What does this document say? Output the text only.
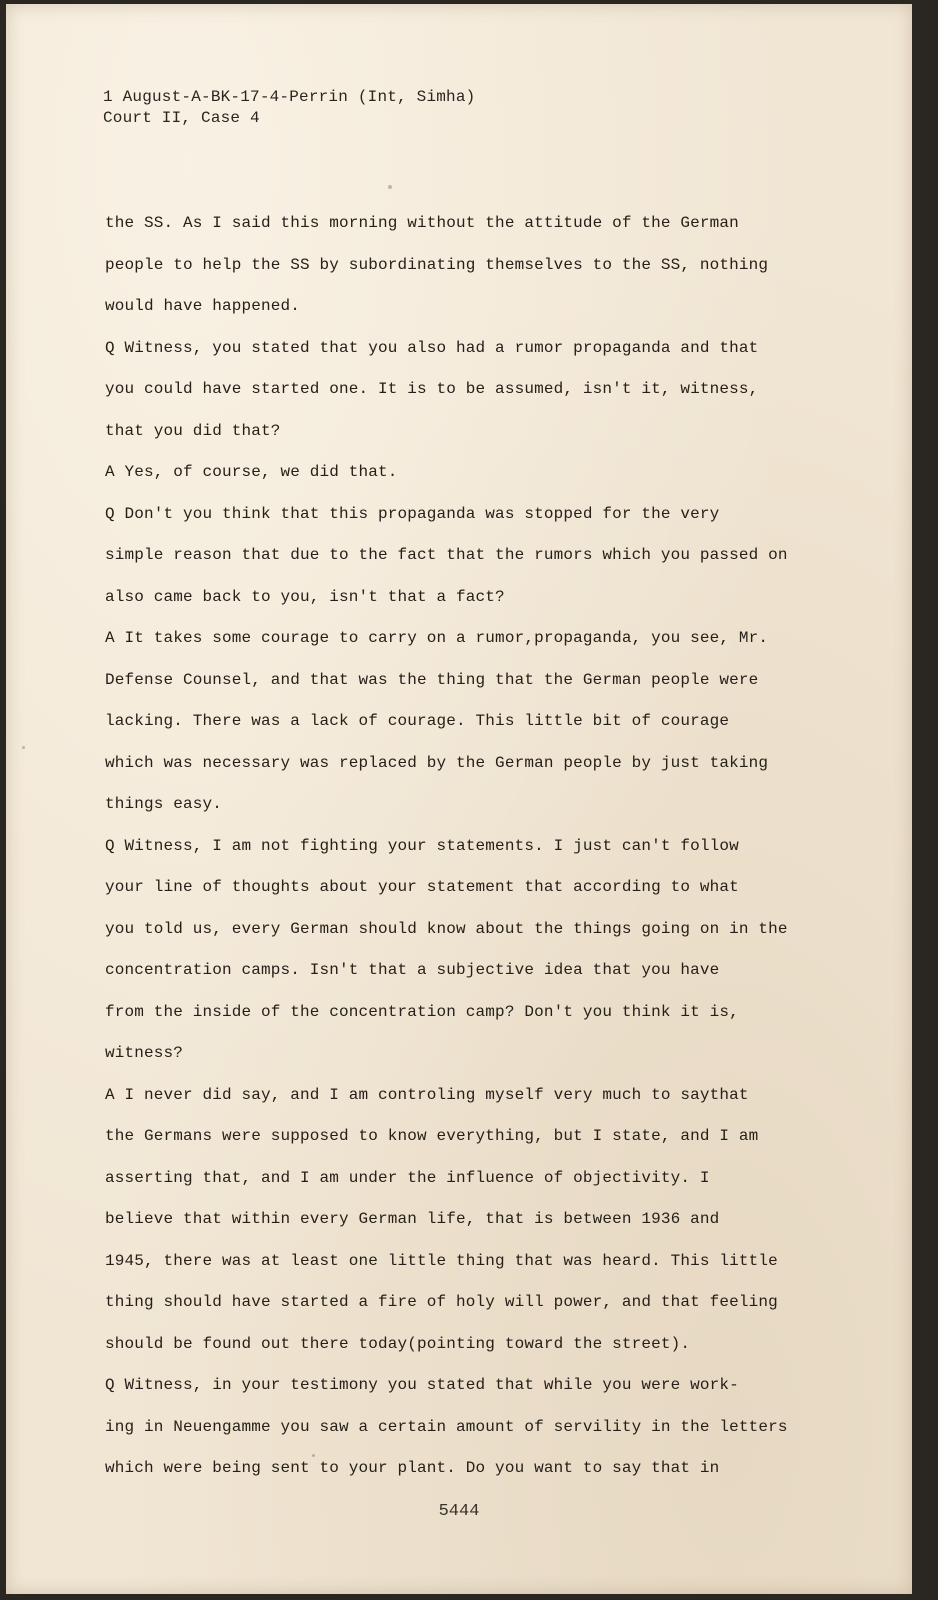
1 August-A-BK-17-4-Perrin (Int, Simha)
Court II, Case 4
the SS. As I said this morning without the attitude of the German
people to help the SS by subordinating themselves to the SS, nothing
would have happened.
Q Witness, you stated that you also had a rumor propaganda and that
you could have started one. It is to be assumed, isn't it, witness,
that you did that?
A Yes, of course, we did that.
Q Don't you think that this propaganda was stopped for the very
simple reason that due to the fact that the rumors which you passed on
also came back to you, isn't that a fact?
A It takes some courage to carry on a rumor,propaganda, you see, Mr.
Defense Counsel, and that was the thing that the German people were
lacking. There was a lack of courage. This little bit of courage
which was necessary was replaced by the German people by just taking
things easy.
Q Witness, I am not fighting your statements. I just can't follow
your line of thoughts about your statement that according to what
you told us, every German should know about the things going on in the
concentration camps. Isn't that a subjective idea that you have
from the inside of the concentration camp? Don't you think it is,
witness?
A I never did say, and I am controling myself very much to saythat
the Germans were supposed to know everything, but I state, and I am
asserting that, and I am under the influence of objectivity. I
believe that within every German life, that is between 1936 and
1945, there was at least one little thing that was heard. This little
thing should have started a fire of holy will power, and that feeling
should be found out there today(pointing toward the street).
Q Witness, in your testimony you stated that while you were work-
ing in Neuengamme you saw a certain amount of servility in the letters
which were being sent to your plant. Do you want to say that in
5444
